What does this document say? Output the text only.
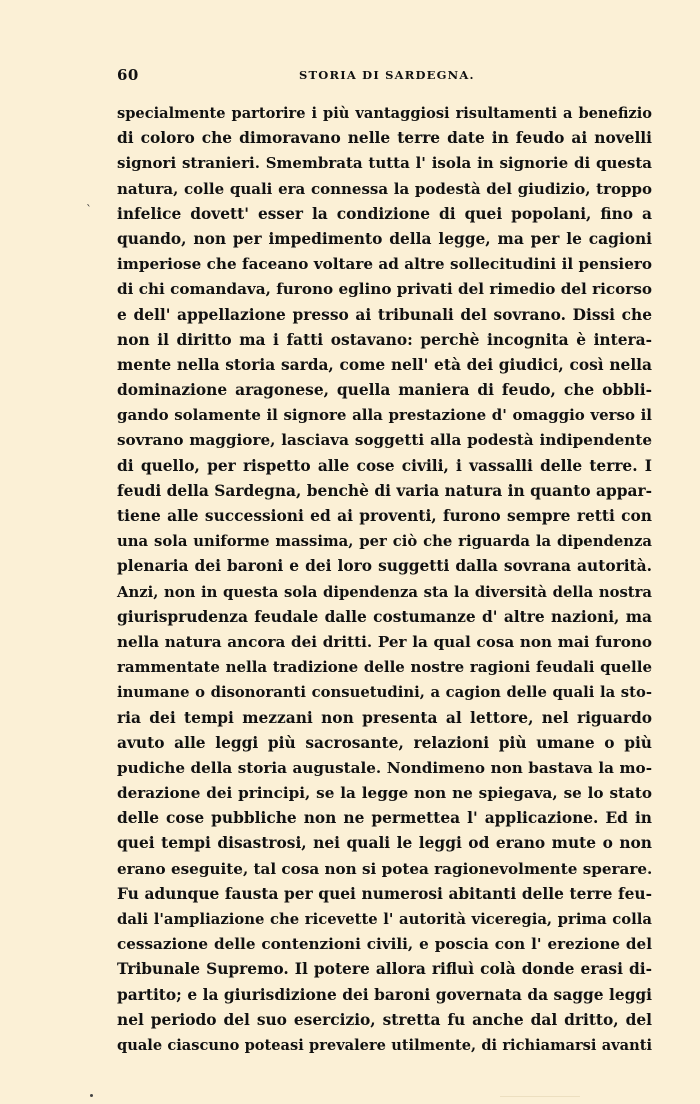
60	STORIA DI SARDEGNA.
`
specialmente partorire i più vantaggiosi risultamenti a benefizio
di coloro che dimoravano nelle terre date in feudo ai novelli
signori stranieri. Smembrata tutta l' isola in signorie di questa
natura, colle quali era connessa la podestà del giudizio, troppo
infelice dovett' esser la condizione di quei popolani, fino a
quando, non per impedimento della legge, ma per le cagioni
imperiose che faceano voltare ad altre sollecitudini il pensiero
di chi comandava, furono eglino privati del rimedio del ricorso
e dell' appellazione presso ai tribunali del sovrano. Dissi che
non il diritto ma i fatti ostavano: perchè incognita è intera-
mente nella storia sarda, come nell' età dei giudici, così nella
dominazione aragonese, quella maniera di feudo, che obbli-
gando solamente il signore alla prestazione d' omaggio verso il
sovrano maggiore, lasciava soggetti alla podestà indipendente
di quello, per rispetto alle cose civili, i vassalli delle terre. I
feudi della Sardegna, benchè di varia natura in quanto appar-
tiene alle successioni ed ai proventi, furono sempre retti con
una sola uniforme massima, per ciò che riguarda la dipendenza
plenaria dei baroni e dei loro suggetti dalla sovrana autorità.
Anzi, non in questa sola dipendenza sta la diversità della nostra
giurisprudenza feudale dalle costumanze d' altre nazioni, ma
nella natura ancora dei dritti. Per la qual cosa non mai furono
rammentate nella tradizione delle nostre ragioni feudali quelle
inumane o disonoranti consuetudini, a cagion delle quali la sto-
ria dei tempi mezzani non presenta al lettore, nel riguardo
avuto alle leggi più sacrosante, relazioni più umane o più
pudiche della storia augustale. Nondimeno non bastava la mo-
derazione dei principi, se la legge non ne spiegava, se lo stato
delle cose pubbliche non ne permettea l' applicazione. Ed in
quei tempi disastrosi, nei quali le leggi od erano mute o non
erano eseguite, tal cosa non si potea ragionevolmente sperare.
Fu adunque fausta per quei numerosi abitanti delle terre feu-
dali l'ampliazione che ricevette l' autorità viceregia, prima colla
cessazione delle contenzioni civili, e poscia con l' erezione del
Tribunale Supremo. Il potere allora rifluì colà donde erasi di-
partito; e la giurisdizione dei baroni governata da sagge leggi
nel periodo del suo esercizio, stretta fu anche dal dritto, del
quale ciascuno poteasi prevalere utilmente, di richiamarsi avanti
